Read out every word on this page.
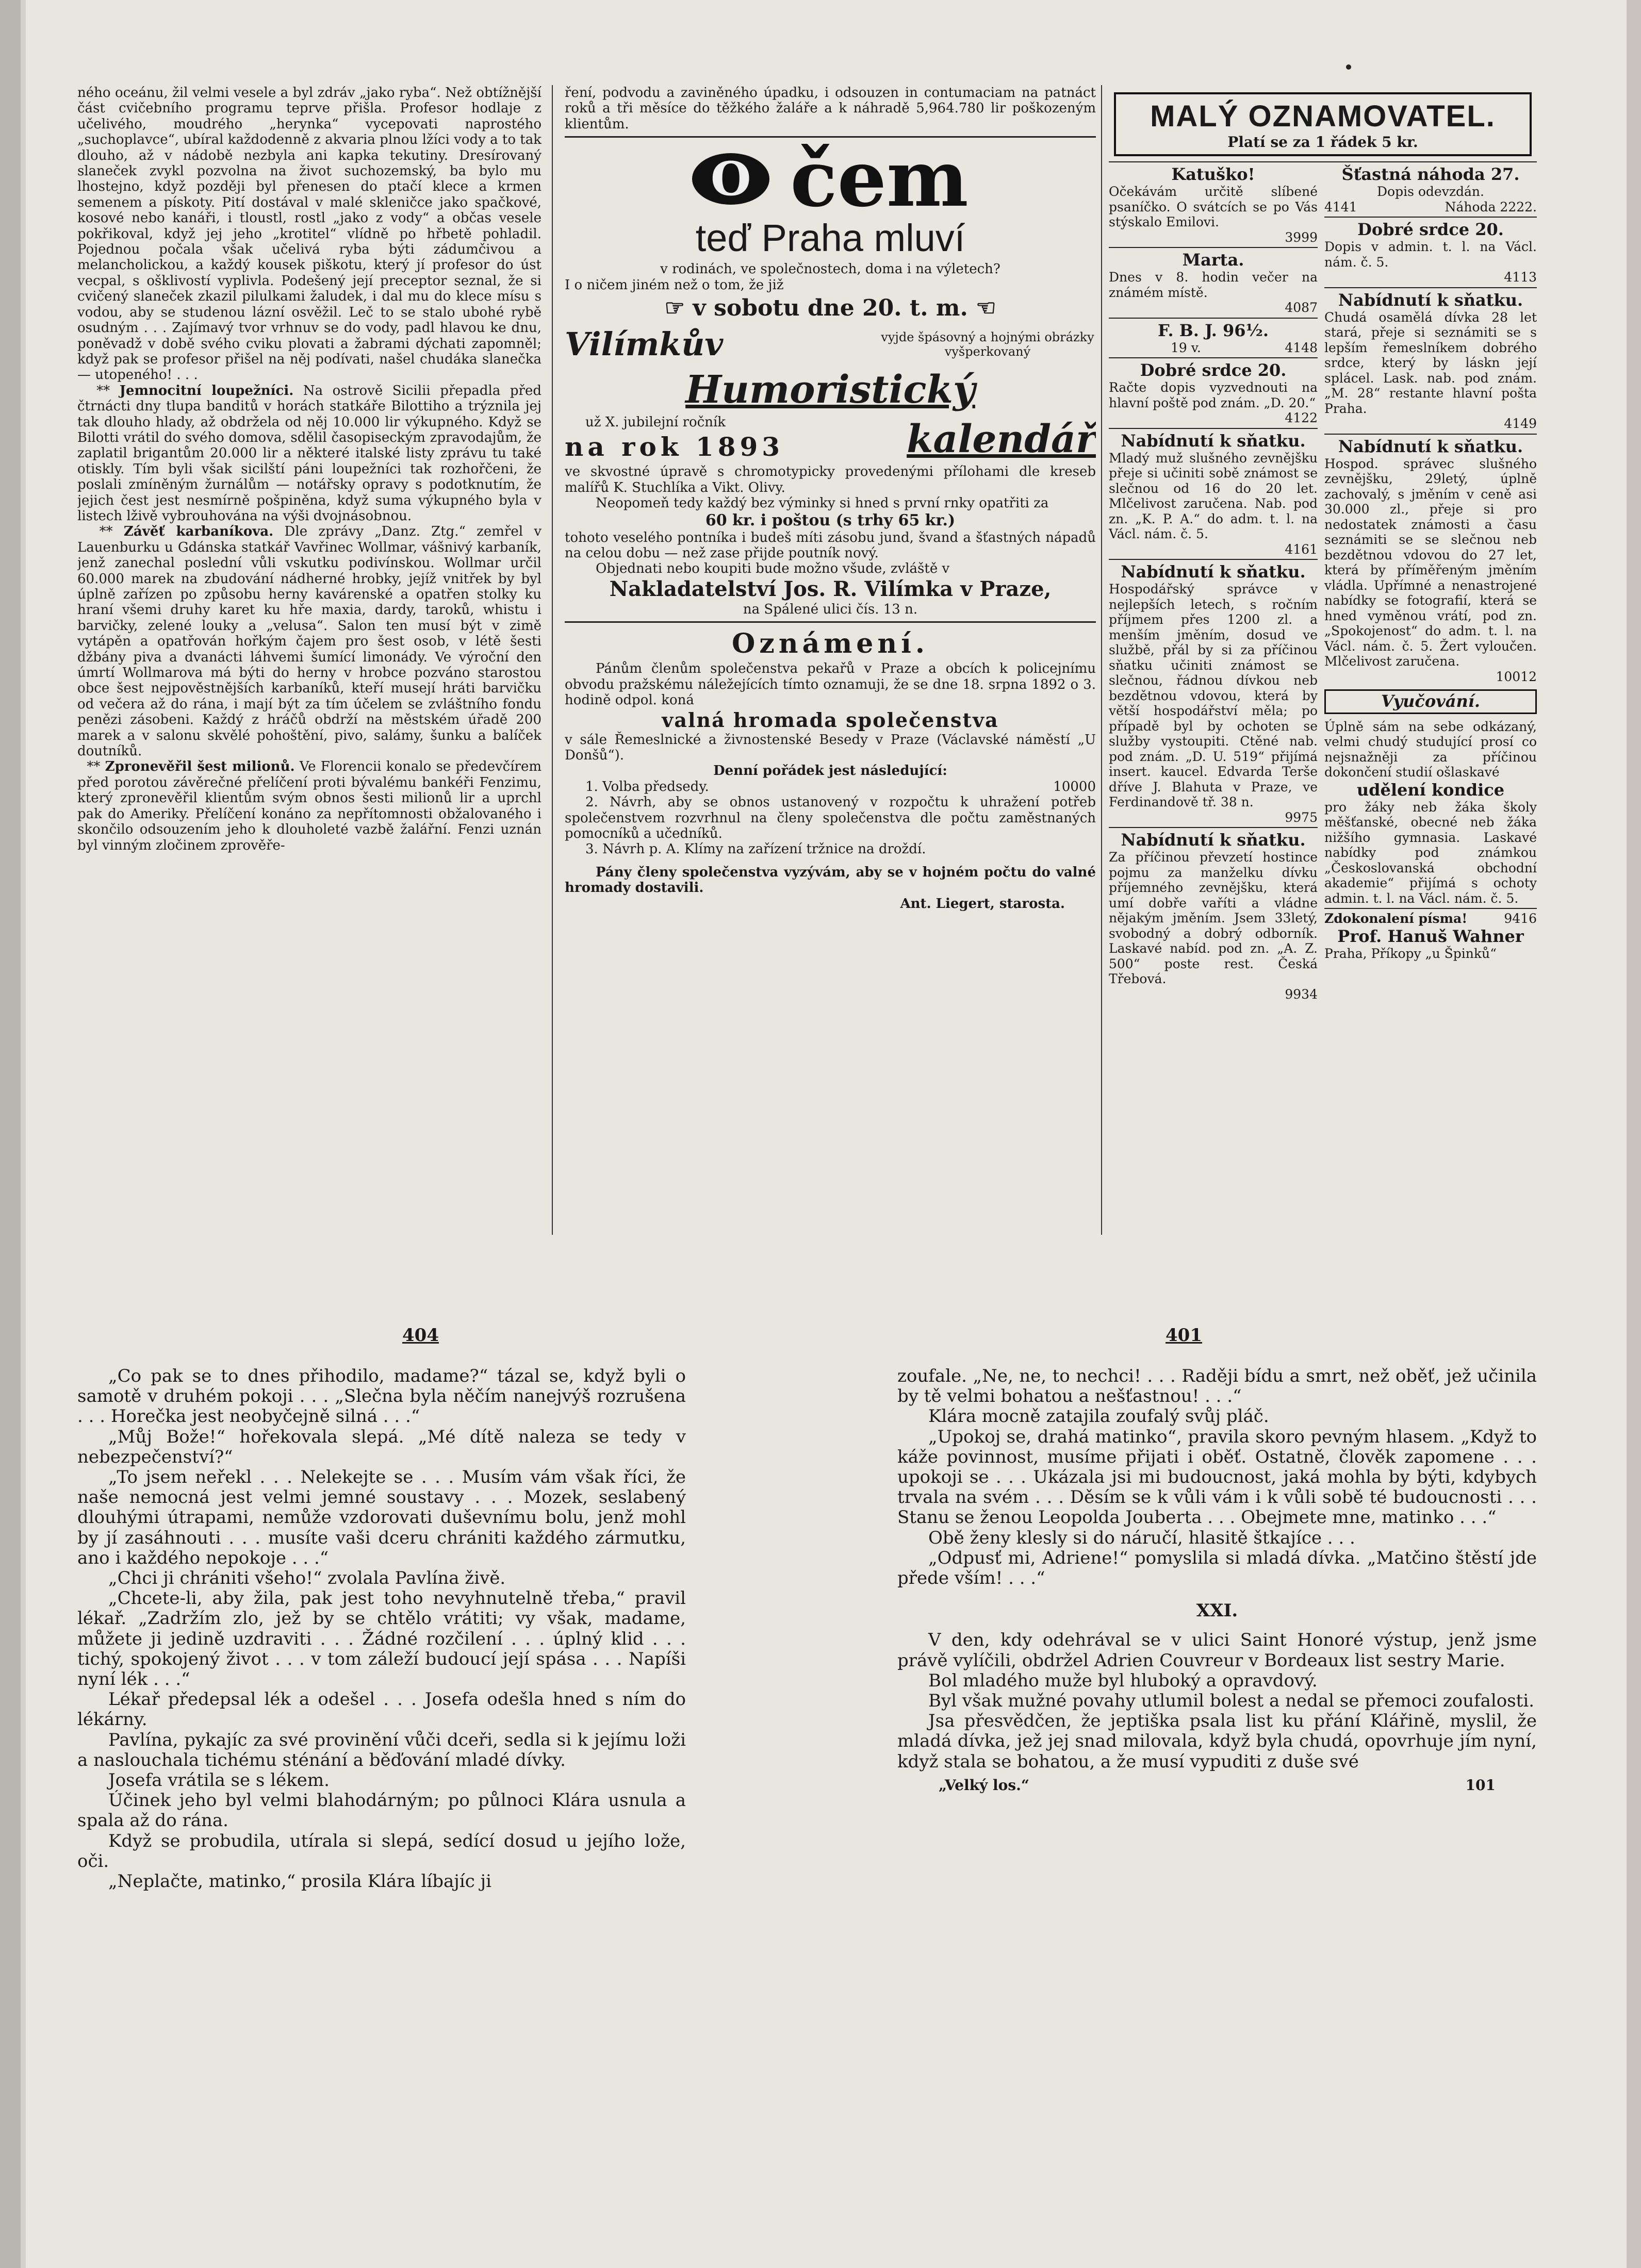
ného oceánu, žil velmi vesele a byl zdráv „jako ryba“. Než obtížnější část cvičebního programu teprve přišla. Profesor hodlaje z učelivého, moudrého „herynka“ vycepovati naprostého „suchoplavce“, ubíral každodenně z akvaria plnou lžíci vody a to tak dlouho, až v nádobě nezbyla ani kapka tekutiny. Dresírovaný slaneček zvykl pozvolna na život suchozemský, ba bylo mu lhostejno, když později byl přenesen do ptačí klece a krmen semenem a pískoty. Pití dostával v malé skleničce jako spačkové, kosové nebo kanáři, i tloustl, rostl „jako z vody“ a občas vesele pokřikoval, když jej jeho „krotitel“ vlídně po hřbetě pohladil. Pojednou počala však učelivá ryba býti zádumčivou a melancholickou, a každý kousek piškotu, který jí profesor do úst vecpal, s ošklivostí vyplivla. Podešený její preceptor seznal, že si cvičený slaneček zkazil pilulkami žaludek, i dal mu do klece mísu s vodou, aby se studenou lázní osvěžil. Leč to se stalo ubohé rybě osudným . . . Zajímavý tvor vrhnuv se do vody, padl hlavou ke dnu, poněvadž v době svého cviku plovati a žabrami dýchati zapomněl; když pak se profesor přišel na něj podívati, našel chudáka slanečka — utopeného! . . .

** Jemnocitní loupežníci. Na ostrově Sicilii přepadla před čtrnácti dny tlupa banditů v horách statkáře Bilottiho a trýznila jej tak dlouho hlady, až obdržela od něj 10.000 lir výkupného. Když se Bilotti vrátil do svého domova, sdělil časopiseckým zpravodajům, že zaplatil brigantům 20.000 lir a některé italské listy zprávu tu také otiskly. Tím byli však sicilští páni loupežníci tak rozhořčeni, že poslali zmíněným žurnálům — notářsky opravy s podotknutím, že jejich čest jest nesmírně pošpiněna, když suma výkupného byla v listech lživě vybrouhována na výši dvojnásobnou.

** Závěť karbaníkova. Dle zprávy „Danz. Ztg.“ zemřel v Lauenburku u Gdánska statkář Vavřinec Wollmar, vášnivý karbaník, jenž zanechal poslední vůli vskutku podivínskou. Wollmar určil 60.000 marek na zbudování nádherné hrobky, jejíž vnitřek by byl úplně zařízen po způsobu herny kavárenské a opatřen stolky ku hraní všemi druhy karet ku hře maxia, dardy, taroků, whistu i barvičky, zelené louky a „velusa“. Salon ten musí být v zimě vytápěn a opatřován hořkým čajem pro šest osob, v létě šesti džbány piva a dvanácti láhvemi šumící limonády. Ve výroční den úmrtí Wollmarova má býti do herny v hrobce pozváno starostou obce šest nejpověstnějších karbaníků, kteří musejí hráti barvičku od večera až do rána, i mají být za tím účelem se zvláštního fondu penězi zásobeni. Každý z hráčů obdrží na městském úřadě 200 marek a v salonu skvělé pohoštění, pivo, salámy, šunku a balíček doutníků.

** Zpronevěřil šest milionů. Ve Florencii konalo se předevčírem před porotou závěrečné přelíčení proti bývalému bankéři Fenzimu, který zpronevěřil klientům svým obnos šesti milionů lir a uprchl pak do Ameriky. Přelíčení konáno za nepřítomnosti obžalovaného i skončilo odsouzením jeho k dlouholeté vazbě žalářní. Fenzi uznán byl vinným zločinem zprověře-

ření, podvodu a zaviněného úpadku, i odsouzen in contumaciam na patnáct roků a tři měsíce do těžkého žaláře a k náhradě 5,964.780 lir poškozeným klientům.

O čem
teď Praha mluví
v rodinách, ve společnostech, doma i na výletech?
I o ničem jiném než o tom, že již
☞ v sobotu dne 20. t. m. ☜
Vilímkův	vyjde špásovný a hojnými obrázky vyšperkovaný
Humoristický
už X. jubilejní ročník
na rok 1893	kalendář

ve skvostné úpravě s chromotypicky provedenými přílohami dle kreseb malířů K. Stuchlíka a Vikt. Olivy.

Neopomeň tedy každý bez výminky si hned s první rnky opatřiti za

60 kr. i poštou (s trhy 65 kr.)

tohoto veselého pontníka i budeš míti zásobu jund, švand a šťastných nápadů na celou dobu — než zase přijde poutník nový.

Objednati nebo koupiti bude možno všude, zvláště v

Nakladatelství Jos. R. Vilímka v Praze,
na Spálené ulici čís. 13 n.
Oznámení.

Pánům členům společenstva pekařů v Praze a obcích k policejnímu obvodu pražskému náležejících tímto oznamuji, že se dne 18. srpna 1892 o 3. hodině odpol. koná

valná hromada společenstva

v sále Řemeslnické a živnostenské Besedy v Praze (Václavské náměstí „U Donšů“).

Denní pořádek jest následující:
1. Volba předsedy.	10000

2. Návrh, aby se obnos ustanovený v rozpočtu k uhražení potřeb společenstvem rozvrhnul na členy společenstva dle počtu zaměstnaných pomocníků a učedníků.

3. Návrh p. A. Klímy na zařízení tržnice na droždí.

Pány členy společenstva vyzývám, aby se v hojném počtu do valné hromady dostavili.

Ant. Liegert, starosta.
MALÝ OZNAMOVATEL.
Platí se za 1 řádek 5 kr.
Katuško!
Očekávám určitě slíbené psaníčko. O svátcích se po Vás stýskalo Emilovi.
3999
Marta.
Dnes v 8. hodin večer na známém místě.
4087
F. B. J. 96½.
19 v.	4148
Dobré srdce 20.
Račte dopis vyzvednouti na hlavní poště pod znám. „D. 20.“
4122
Nabídnutí k sňatku.
Mladý muž slušného zevnějšku přeje si učiniti sobě známost se slečnou od 16 do 20 let. Mlčelivost zaručena. Nab. pod zn. „K. P. A.“ do adm. t. l. na Václ. nám. č. 5.
4161
Nabídnutí k sňatku.
Hospodářský správce v nejlepších letech, s ročním příjmem přes 1200 zl. a menším jměním, dosud ve službě, přál by si za příčinou sňatku učiniti známost se slečnou, řádnou dívkou neb bezdětnou vdovou, která by větší hospodářství měla; po případě byl by ochoten se služby vystoupiti. Ctěné nab. pod znám. „D. U. 519“ přijímá insert. kaucel. Edvarda Terše dříve J. Blahuta v Praze, ve Ferdinandově tř. 38 n.
9975
Nabídnutí k sňatku.
Za příčinou převzetí hostince pojmu za manželku dívku příjemného zevnějšku, která umí dobře vaříti a vládne nějakým jměním. Jsem 33letý, svobodný a dobrý odborník. Laskavé nabíd. pod zn. „A. Z. 500“ poste rest. Česká Třebová.
9934
Šťastná náhoda 27.
Dopis odevzdán.
4141	Náhoda 2222.
Dobré srdce 20.
Dopis v admin. t. l. na Václ. nám. č. 5.
4113
Nabídnutí k sňatku.
Chudá osamělá dívka 28 let stará, přeje si seznámiti se s lepším řemeslníkem dobrého srdce, který by láskn její splácel. Lask. nab. pod znám. „M. 28“ restante hlavní pošta Praha.
4149
Nabídnutí k sňatku.
Hospod. správec slušného zevnějšku, 29letý, úplně zachovalý, s jměním v ceně asi 30.000 zl., přeje si pro nedostatek známosti a času seznámiti se se slečnou neb bezdětnou vdovou do 27 let, která by příměřeným jměním vládla. Upřímné a nenastrojené nabídky se fotografií, která se hned vyměnou vrátí, pod zn. „Spokojenost“ do adm. t. l. na Václ. nám. č. 5. Žert vyloučen. Mlčelivost zaručena.
10012
Vyučování.
Úplně sám na sebe odkázaný, velmi chudý studující prosí co nejsnažněji za příčinou dokončení studií ošlaskavé
udělení kondice
pro žáky neb žáka školy měšťanské, obecné neb žáka nižšího gymnasia. Laskavé nabídky pod známkou „Českoslovanská obchodní akademie“ přijímá s ochoty admin. t. l. na Václ. nám. č. 5.
Zdokonalení písma!	9416
Prof. Hanuš Wahner
Praha, Příkopy „u Špinků“
404	401

„Co pak se to dnes přihodilo, madame?“ tázal se, když byli o samotě v druhém pokoji . . . „Slečna byla něčím nanejvýš rozrušena . . . Horečka jest neobyčejně silná . . .“

„Můj Bože!“ hořekovala slepá. „Mé dítě naleza se tedy v nebezpečenství?“

„To jsem neřekl . . . Nelekejte se . . . Musím vám však říci, že naše nemocná jest velmi jemné soustavy . . . Mozek, seslabený dlouhými útrapami, nemůže vzdorovati duševnímu bolu, jenž mohl by jí zasáhnouti . . . musíte vaši dceru chrániti každého zármutku, ano i každého nepokoje . . .“

„Chci ji chrániti všeho!“ zvolala Pavlína živě.

„Chcete-li, aby žila, pak jest toho nevyhnutelně třeba,“ pravil lékař. „Zadržím zlo, jež by se chtělo vrátiti; vy však, madame, můžete ji jedině uzdraviti . . . Žádné rozčilení . . . úplný klid . . . tichý, spokojený život . . . v tom záleží budoucí její spása . . . Napíši nyní lék . . .“

Lékař předepsal lék a odešel . . . Josefa odešla hned s ním do lékárny.

Pavlína, pykajíc za své provinění vůči dceři, sedla si k jejímu loži a naslouchala tichému sténání a běďování mladé dívky.

Josefa vrátila se s lékem.

Účinek jeho byl velmi blahodárným; po půlnoci Klára usnula a spala až do rána.

Když se probudila, utírala si slepá, sedící dosud u jejího lože, oči.

„Neplačte, matinko,“ prosila Klára líbajíc ji

zoufale. „Ne, ne, to nechci! . . . Raději bídu a smrt, než oběť, jež učinila by tě velmi bohatou a nešťastnou! . . .“

Klára mocně zatajila zoufalý svůj pláč.

„Upokoj se, drahá matinko“, pravila skoro pevným hlasem. „Když to káže povinnost, musíme přijati i oběť. Ostatně, člověk zapomene . . . upokoji se . . . Ukázala jsi mi budoucnost, jaká mohla by býti, kdybych trvala na svém . . . Děsím se k vůli vám i k vůli sobě té budoucnosti . . . Stanu se ženou Leopolda Jouberta . . . Obejmete mne, matinko . . .“

Obě ženy klesly si do náručí, hlasitě štkajíce . . .

„Odpusť mi, Adriene!“ pomyslila si mladá dívka. „Matčino štěstí jde přede vším! . . .“

XXI.

V den, kdy odehrával se v ulici Saint Honoré výstup, jenž jsme právě vylíčili, obdržel Adrien Couvreur v Bordeaux list sestry Marie.

Bol mladého muže byl hluboký a opravdový.

Byl však mužné povahy utlumil bolest a nedal se přemoci zoufalosti.

Jsa přesvědčen, že jeptiška psala list ku přání Klářině, myslil, že mladá dívka, jež jej snad milovala, když byla chudá, opovrhuje jím nyní, když stala se bohatou, a že musí vypuditi z duše své

„Velký los.“	101
